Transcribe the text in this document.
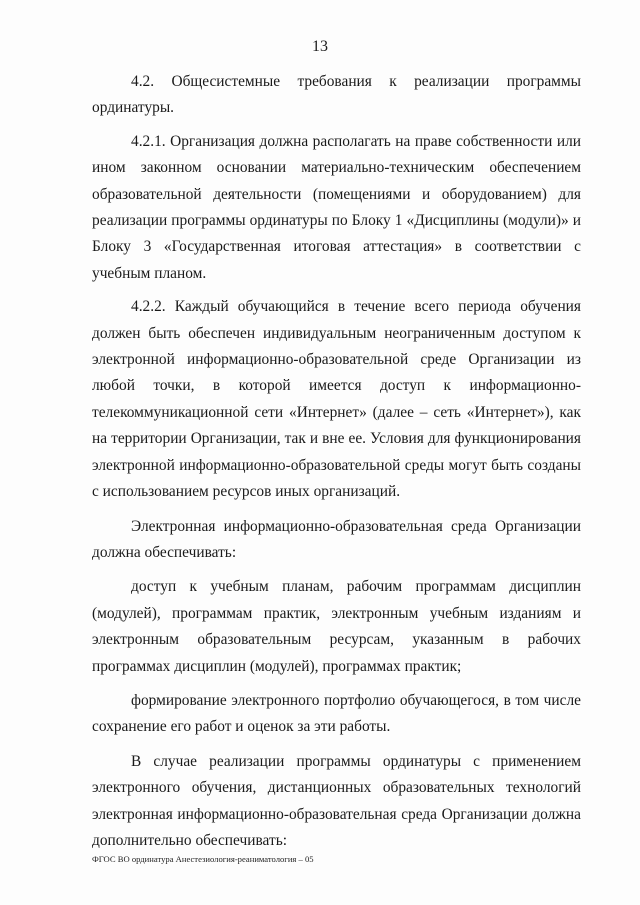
13

4.2. Общесистемные требования к реализации программы ординатуры.

4.2.1. Организация должна располагать на праве собственности или ином законном основании материально-техническим обеспечением образовательной деятельности (помещениями и оборудованием) для реализации программы ординатуры по Блоку 1 «Дисциплины (модули)» и Блоку 3 «Государственная итоговая аттестация» в соответствии с учебным планом.

4.2.2. Каждый обучающийся в течение всего периода обучения должен быть обеспечен индивидуальным неограниченным доступом к электронной информационно-образовательной среде Организации из любой точки, в которой имеется доступ к информационно-телекоммуникационной сети «Интернет» (далее – сеть «Интернет»), как на территории Организации, так и вне ее. Условия для функционирования электронной информационно-образовательной среды могут быть созданы с использованием ресурсов иных организаций.

Электронная информационно-образовательная среда Организации должна обеспечивать:

доступ к учебным планам, рабочим программам дисциплин (модулей), программам практик, электронным учебным изданиям и электронным образовательным ресурсам, указанным в рабочих программах дисциплин (модулей), программах практик;

формирование электронного портфолио обучающегося, в том числе сохранение его работ и оценок за эти работы.

В случае реализации программы ординатуры с применением электронного обучения, дистанционных образовательных технологий электронная информационно-образовательная среда Организации должна дополнительно обеспечивать:

ФГОС ВО ординатура Анестезиология-реаниматология – 05
